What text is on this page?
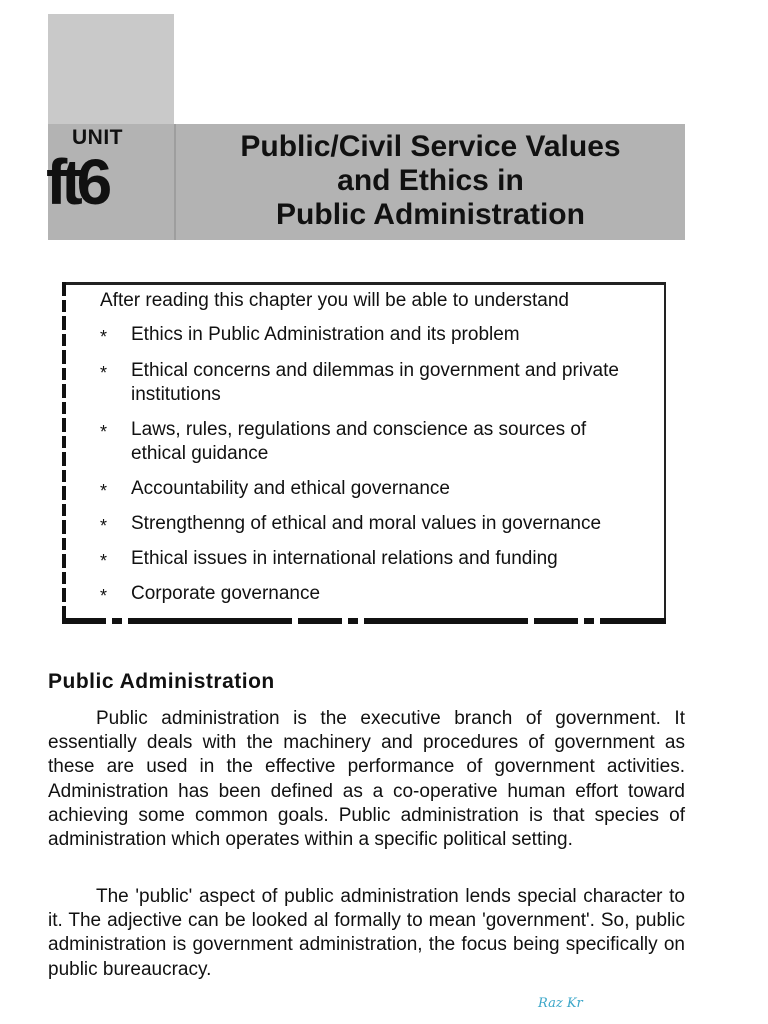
UNIT
ft6	Public/Civil Service Values
and Ethics in
Public Administration
After reading this chapter you will be able to understand
*	Ethics in Public Administration and its problem
*	Ethical concerns and dilemmas in government and private institutions
*	Laws, rules, regulations and conscience as sources of ethical guidance
*	Accountability and ethical governance
*	Strengthenng of ethical and moral values in governance
*	Ethical issues in international relations and funding
*	Corporate governance
Public Administration

Public administration is the executive branch of government. It essentially deals with the machinery and procedures of government as these are used in the effective performance of government activities. Administration has been defined as a co-operative human effort toward achieving some common goals. Public administration is that species of administration which operates within a specific political setting.

The 'public' aspect of public administration lends special character to it. The adjective can be looked al formally to mean 'government'. So, public administration is government administration, the focus being specifically on public bureaucracy.

Raz Kr
